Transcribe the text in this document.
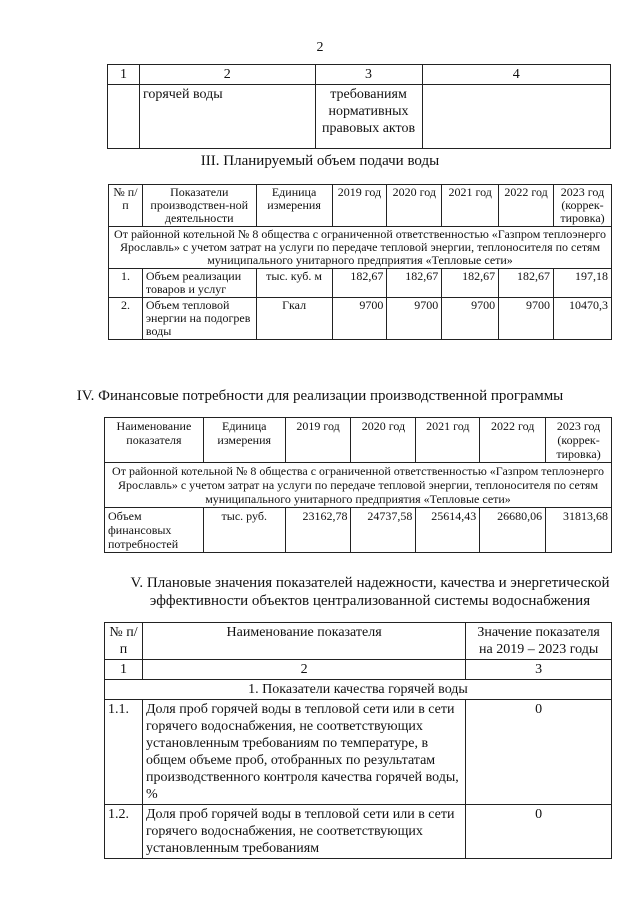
2
1	2	3	4
	горячей воды	требованиям нормативных правовых актов	
III. Планируемый объем подачи воды
№ п/п	Показатели производствен-ной деятельности	Единица измерения	2019 год	2020 год	2021 год	2022 год	2023 год (коррек-тировка)
От районной котельной № 8 общества с ограниченной ответственностью «Газпром теплоэнерго Ярославль» с учетом затрат на услуги по передаче тепловой энергии, теплоносителя по сетям муниципального унитарного предприятия «Тепловые сети»							
1.	Объем реализации товаров и услуг	тыс. куб. м	182,67	182,67	182,67	182,67	197,18
2.	Объем тепловой энергии на подогрев воды	Гкал	9700	9700	9700	9700	10470,3
IV. Финансовые потребности для реализации производственной программы
Наименование показателя	Единица измерения	2019 год	2020 год	2021 год	2022 год	2023 год (коррек-тировка)
От районной котельной № 8 общества с ограниченной ответственностью «Газпром теплоэнерго Ярославль» с учетом затрат на услуги по передаче тепловой энергии, теплоносителя по сетям муниципального унитарного предприятия «Тепловые сети»						
Объем финансовых потребностей	тыс. руб.	23162,78	24737,58	25614,43	26680,06	31813,68
V. Плановые значения показателей надежности, качества и энергетической эффективности объектов централизованной системы водоснабжения
№ п/п	Наименование показателя	Значение показателя на 2019 – 2023 годы
1	2	3
1. Показатели качества горячей воды		
1.1.	Доля проб горячей воды в тепловой сети или в сети горячего водоснабжения, не соответствующих установленным требованиям по температуре, в общем объеме проб, отобранных по результатам производственного контроля качества горячей воды, %	0
1.2.	Доля проб горячей воды в тепловой сети или в сети горячего водоснабжения, не соответствующих установленным требованиям	0
